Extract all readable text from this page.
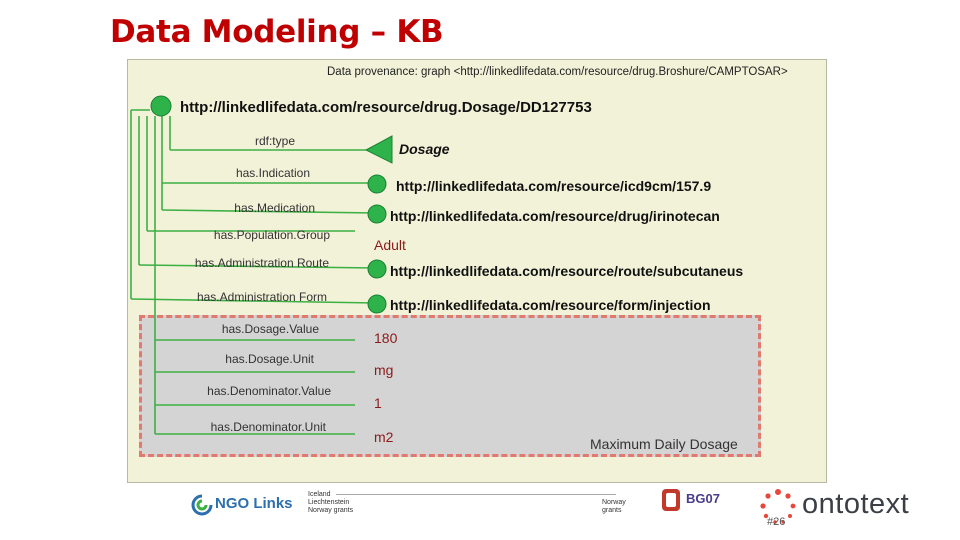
Data Modeling – KB
Data provenance: graph <http://linkedlifedata.com/resource/drug.Broshure/CAMPTOSAR>
http://linkedlifedata.com/resource/drug.Dosage/DD127753
rdf:type
has.Indication
has.Medication
has.Population.Group
has.Administration Route
has.Administration Form
has.Dosage.Value
has.Dosage.Unit
has.Denominator.Value
has.Denominator.Unit
Dosage
http://linkedlifedata.com/resource/icd9cm/157.9
http://linkedlifedata.com/resource/drug/irinotecan
Adult
http://linkedlifedata.com/resource/route/subcutaneus
http://linkedlifedata.com/resource/form/injection
180
mg
1
m2	Maximum Daily Dosage
NGO Links
Iceland
Liechtenstein
Norway grants
Norway
grants
BG07	ontotext
#26
